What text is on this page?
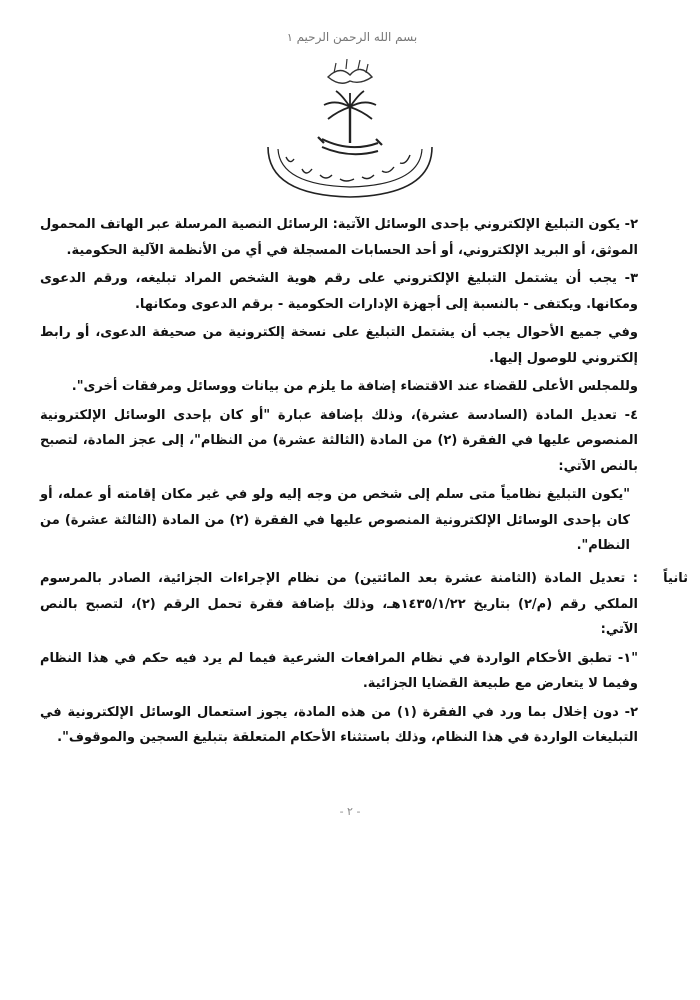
بسم الله الرحمن الرحيم ١

٢- يكون التبليغ الإلكتروني بإحدى الوسائل الآتية: الرسائل النصية المرسلة عبر الهاتف المحمول الموثق، أو البريد الإلكتروني، أو أحد الحسابات المسجلة في أي من الأنظمة الآلية الحكومية.

٣- يجب أن يشتمل التبليغ الإلكتروني على رقم هوية الشخص المراد تبليغه، ورقم الدعوى ومكانها. ويكتفى - بالنسبة إلى أجهزة الإدارات الحكومية - برقم الدعوى ومكانها.

وفي جميع الأحوال يجب أن يشتمل التبليغ على نسخة إلكترونية من صحيفة الدعوى، أو رابط إلكتروني للوصول إليها.

وللمجلس الأعلى للقضاء عند الاقتضاء إضافة ما يلزم من بيانات ووسائل ومرفقات أخرى".

٤- تعديل المادة (السادسة عشرة)، وذلك بإضافة عبارة "أو كان بإحدى الوسائل الإلكترونية المنصوص عليها في الفقرة (٢) من المادة (الثالثة عشرة) من النظام"، إلى عجز المادة، لتصبح بالنص الآتي:

"يكون التبليغ نظامياً متى سلم إلى شخص من وجه إليه ولو في غير مكان إقامته أو عمله، أو كان بإحدى الوسائل الإلكترونية المنصوص عليها في الفقرة (٢) من المادة (الثالثة عشرة) من النظام".

ثانياً

: تعديل المادة (الثامنة عشرة بعد المائتين) من نظام الإجراءات الجزائية، الصادر بالمرسوم الملكي رقم (م/٢) بتاريخ ١٤٣٥/١/٢٢هـ، وذلك بإضافة فقرة تحمل الرقم (٢)، لتصبح بالنص الآتي:

"١- تطبق الأحكام الواردة في نظام المرافعات الشرعية فيما لم يرد فيه حكم في هذا النظام وفيما لا يتعارض مع طبيعة القضايا الجزائية.

٢- دون إخلال بما ورد في الفقرة (١) من هذه المادة، يجوز استعمال الوسائل الإلكترونية في التبليغات الواردة في هذا النظام، وذلك باستثناء الأحكام المتعلقة بتبليغ السجين والموقوف".

- ٢ -
